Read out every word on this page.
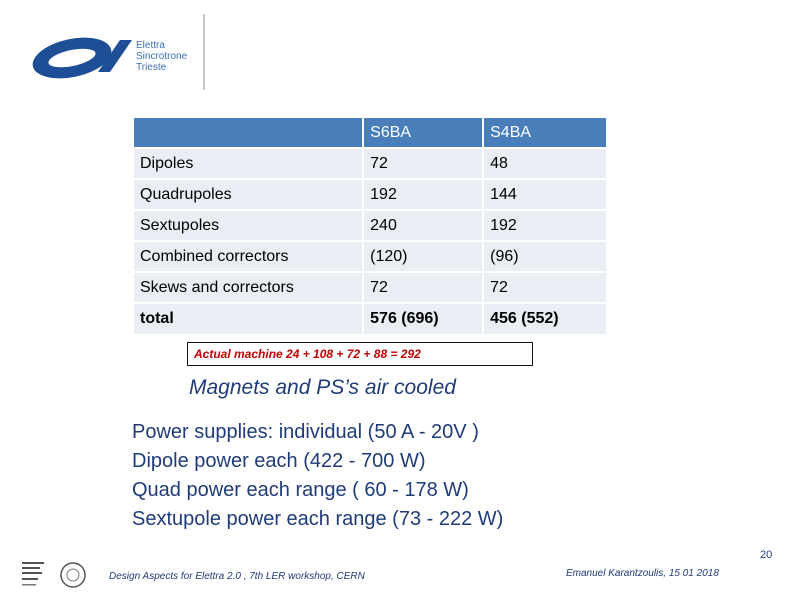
Elettra
Sincrotrone
Trieste
	S6BA	S4BA
Dipoles	72	48
Quadrupoles	192	144
Sextupoles	240	192
Combined correctors	(120)	(96)
Skews and correctors	72	72
total	576 (696)	456 (552)
Actual machine 24 + 108 + 72 + 88 = 292
Magnets and PS’s air cooled
Power supplies: individual (50 A - 20V )
Dipole power each (422 - 700 W)
Quad power each range ( 60 - 178 W)
Sextupole power each range (73 - 222 W)
Design Aspects for Elettra 2.0 , 7th LER workshop, CERN	Emanuel Karantzoulis, 15 01 2018
20
